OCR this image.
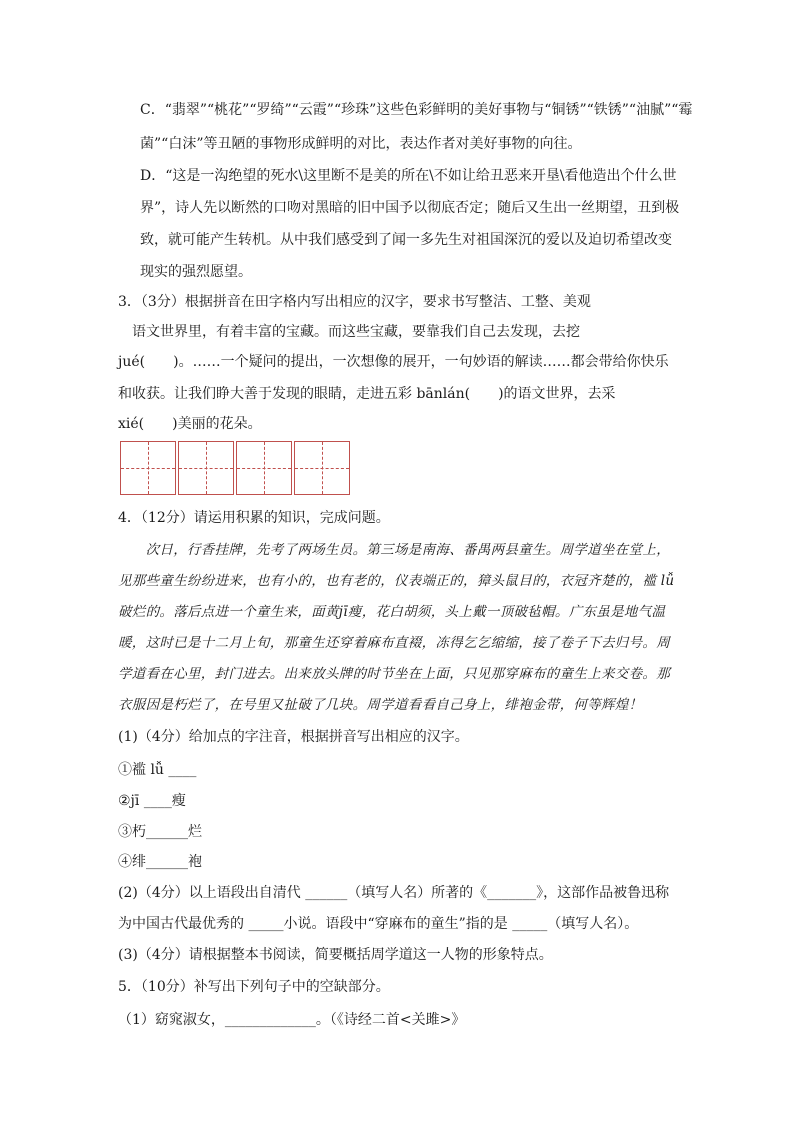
C．“翡翠”“桃花”“罗绮”“云霞”“珍珠”这些色彩鲜明的美好事物与“铜锈”“铁锈”“油腻”“霉
菌”“白沫”等丑陋的事物形成鲜明的对比，表达作者对美好事物的向往。
D．“这是一沟绝望的死水\这里断不是美的所在\不如让给丑恶来开垦\看他造出个什么世
界”，诗人先以断然的口吻对黑暗的旧中国予以彻底否定；随后又生出一丝期望，丑到极
致，就可能产生转机。从中我们感受到了闻一多先生对祖国深沉的爱以及迫切希望改变
现实的强烈愿望。
3．（3分）根据拼音在田字格内写出相应的汉字，要求书写整洁、工整、美观
　语文世界里，有着丰富的宝藏。而这些宝藏，要靠我们自己去发现，去挖
jué(　　)。……一个疑问的提出，一次想像的展开，一句妙语的解读……都会带给你快乐
和收获。让我们睁大善于发现的眼睛，走进五彩 bānlán(　　)的语文世界，去采
xié(　　)美丽的花朵。
4．（12分）请运用积累的知识，完成问题。
　　次日，行香挂牌，先考了两场生员。第三场是南海、番禺两县童生。周学道坐在堂上，
见那些童生纷纷进来，也有小的，也有老的，仪表端正的，獐头鼠目的，衣冠齐楚的，褴 lǚ
破烂的。落后点进一个童生来，面黄jī瘦，花白胡须，头上戴一顶破毡帽。广东虽是地气温
暖，这时已是十二月上旬，那童生还穿着麻布直裰，冻得乞乞缩缩，接了卷子下去归号。周
学道看在心里，封门进去。出来放头牌的时节坐在上面，只见那穿麻布的童生上来交卷。那
衣服因是朽烂了，在号里又扯破了几块。周学道看看自己身上，绯袍金带，何等辉煌！
(1)（4分）给加点的字注音，根据拼音写出相应的汉字。
①褴 lǚ ____
②jī ____瘦
③朽______烂
④绯______袍
(2)（4分）以上语段出自清代 ______（填写人名）所著的《_______》，这部作品被鲁迅称
为中国古代最优秀的 _____小说。语段中“穿麻布的童生”指的是 _____（填写人名）。
(3)（4分）请根据整本书阅读，简要概括周学道这一人物的形象特点。
5．（10分）补写出下列句子中的空缺部分。
（1）窈窕淑女，_____________。（《诗经二首<关雎>》
